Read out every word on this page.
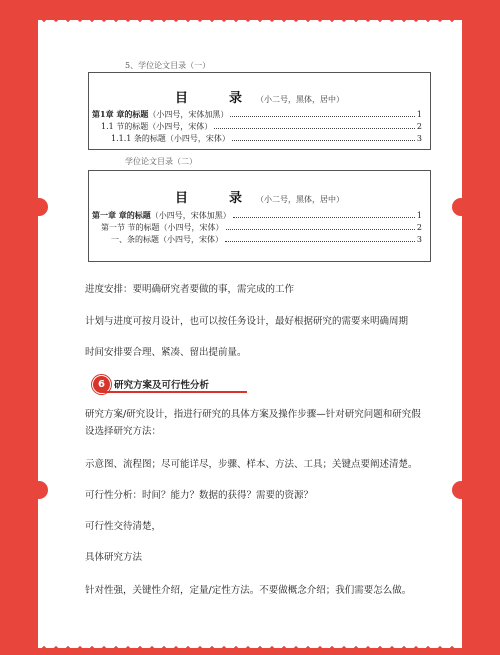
5、学位论文目录（一）
目　录（小二号，黑体，居中）
第1章 章的标题（小四号，宋体加黑）	1
1.1 节的标题（小四号，宋体）	2
1.1.1 条的标题（小四号，宋体）	3
学位论文目录（二）
目　录（小二号，黑体，居中）
第一章 章的标题（小四号，宋体加黑）	1
第一节 节的标题（小四号，宋体）	2
一、条的标题（小四号，宋体）	3
进度安排：要明确研究者要做的事，需完成的工作
计划与进度可按月设计，也可以按任务设计，最好根据研究的需要来明确周期
时间安排要合理、紧凑、留出提前量。
6 研究方案及可行性分析
研究方案/研究设计，指进行研究的具体方案及操作步骤—针对研究问题和研究假设选择研究方法：
示意图、流程图；尽可能详尽，步骤、样本、方法、工具；关键点要阐述清楚。
可行性分析：时间？能力？数据的获得？需要的资源？
可行性交待清楚，
具体研究方法
针对性强，关键性介绍，定量/定性方法。不要做概念介绍；我们需要怎么做。
